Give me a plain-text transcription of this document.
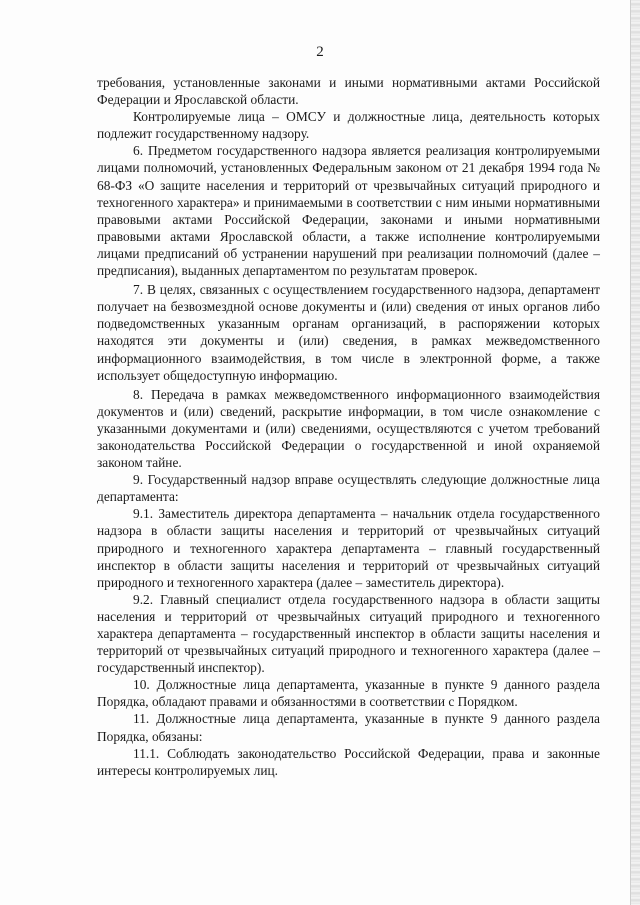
2

требования, установленные законами и иными нормативными актами Российской Федерации и Ярославской области.

Контролируемые лица – ОМСУ и должностные лица, деятельность которых подлежит государственному надзору.

6. Предметом государственного надзора является реализация контролируемыми лицами полномочий, установленных Федеральным законом от 21 декабря 1994 года № 68-ФЗ «О защите населения и территорий от чрезвычайных ситуаций природного и техногенного характера» и принимаемыми в соответствии с ним иными нормативными правовыми актами Российской Федерации, законами и иными нормативными правовыми актами Ярославской области, а также исполнение контролируемыми лицами предписаний об устранении нарушений при реализации полномочий (далее – предписания), выданных департаментом по результатам проверок.

7. В целях, связанных с осуществлением государственного надзора, департамент получает на безвозмездной основе документы и (или) сведения от иных органов либо подведомственных указанным органам организаций, в распоряжении которых находятся эти документы и (или) сведения, в рамках межведомственного информационного взаимодействия, в том числе в электронной форме, а также использует общедоступную информацию.

8. Передача в рамках межведомственного информационного взаимодействия документов и (или) сведений, раскрытие информации, в том числе ознакомление с указанными документами и (или) сведениями, осуществляются с учетом требований законодательства Российской Федерации о государственной и иной охраняемой законом тайне.

9. Государственный надзор вправе осуществлять следующие должностные лица департамента:

9.1. Заместитель директора департамента – начальник отдела государственного надзора в области защиты населения и территорий от чрезвычайных ситуаций природного и техногенного характера департамента – главный государственный инспектор в области защиты населения и территорий от чрезвычайных ситуаций природного и техногенного характера (далее – заместитель директора).

9.2. Главный специалист отдела государственного надзора в области защиты населения и территорий от чрезвычайных ситуаций природного и техногенного характера департамента – государственный инспектор в области защиты населения и территорий от чрезвычайных ситуаций природного и техногенного характера (далее – государственный инспектор).

10. Должностные лица департамента, указанные в пункте 9 данного раздела Порядка, обладают правами и обязанностями в соответствии с Порядком.

11. Должностные лица департамента, указанные в пункте 9 данного раздела Порядка, обязаны:

11.1. Соблюдать законодательство Российской Федерации, права и законные интересы контролируемых лиц.
